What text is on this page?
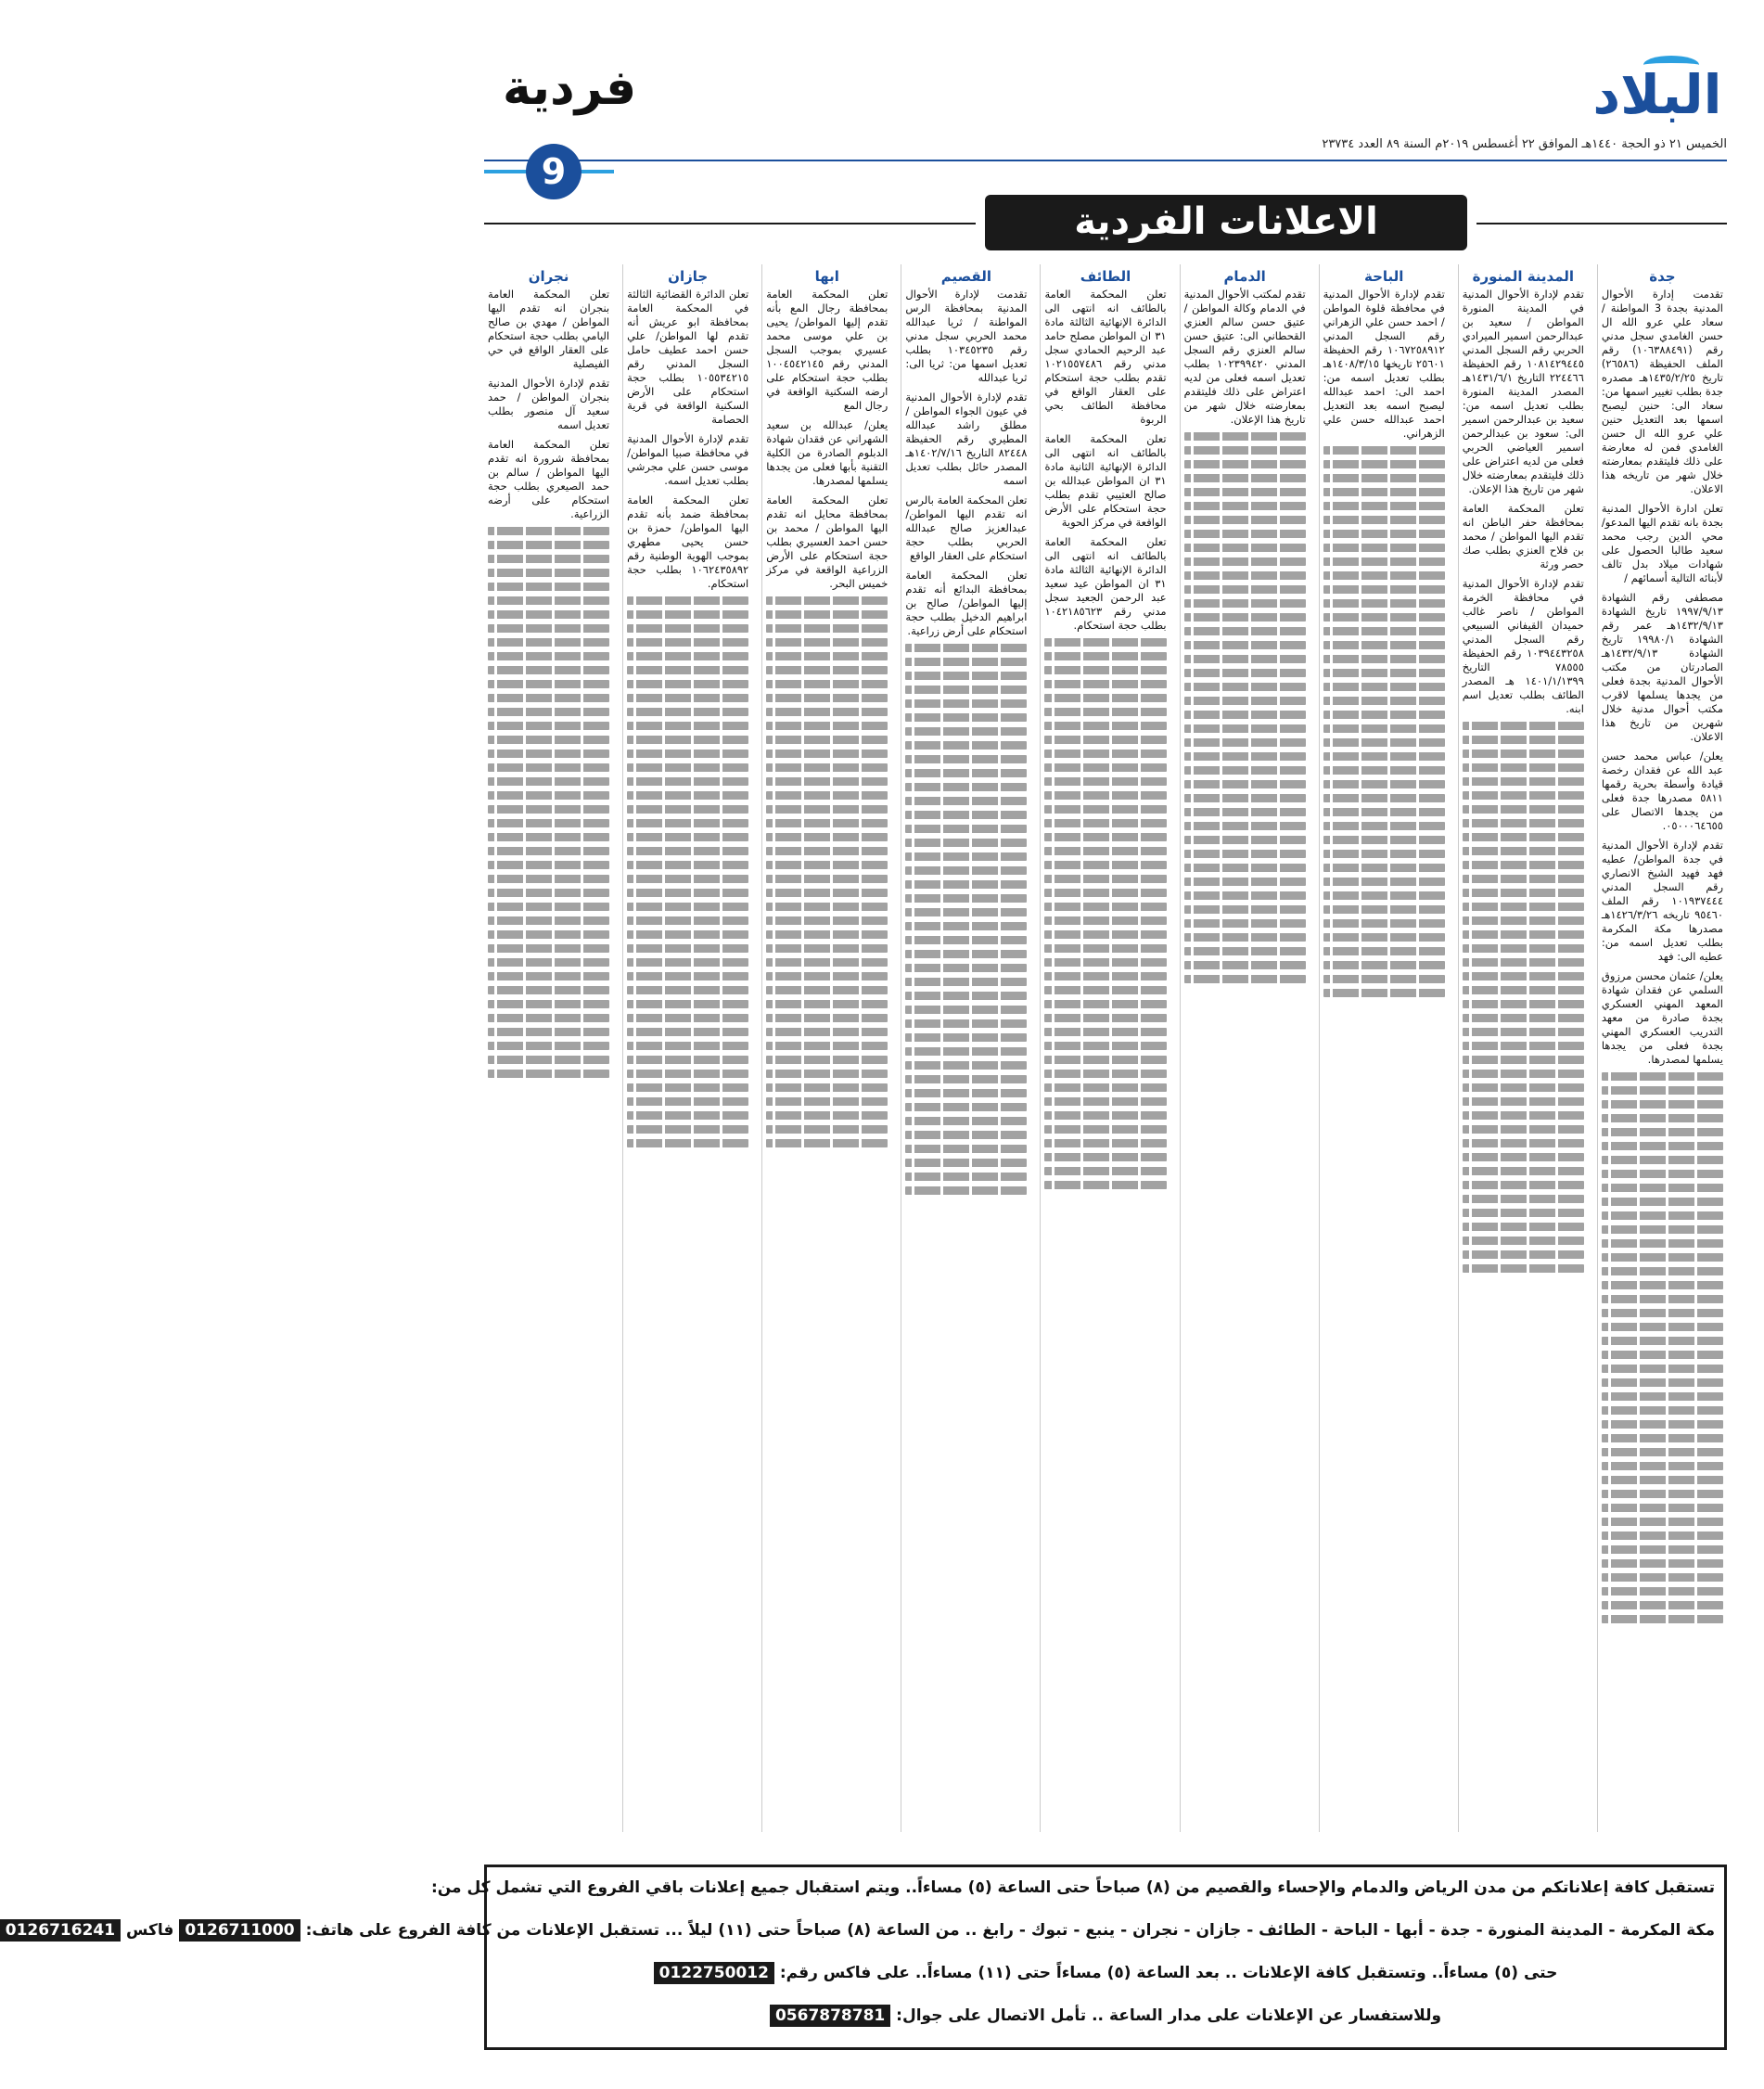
البلاد
الخميس ٢١ ذو الحجة ١٤٤٠هـ الموافق ٢٢ أغسطس ٢٠١٩م السنة ٨٩ العدد ٢٣٧٣٤
فردية
9
الاعلانات الفردية
جدة
تقدمت إدارة الأحوال المدنية بجدة 3 المواطنة / سعاد علي عرو الله ال حسن الغامدي سجل مدني رقم (١٠٦٣٨٨٤٩١) رقم الملف الحفيظة (٢٦٥٨٦) تاريخ ١٤٣٥/٢/٢٥هـ مصدره جدة بطلب تغيير اسمها من: سعاد الى: حنين ليصبح اسمها بعد التعديل حنين علي عرو الله ال حسن الغامدي فمن له معارضة على ذلك فليتقدم بمعارضته خلال شهر من تاريخه هذا الاعلان.
تعلن ادارة الأحوال المدنية بجدة بانه تقدم اليها المدعو/ محي الدين رجب محمد سعيد طالبا الحصول على شهادات ميلاد بدل تالف لأبنائه التالية أسمائهم /
مصطفى رقم الشهادة ١٩٩٧/٩/١٣ تاريخ الشهادة ١٤٣٢/٩/١٣هـ عمر رقم الشهادة ١٩٩٨٠/١ تاريخ الشهادة ١٤٣٢/٩/١٣هـ الصادرتان من مكتب الأحوال المدنية بجدة فعلى من يجدها يسلمها لاقرب مكتب أحوال مدنية خلال شهرين من تاريخ هذا الاعلان.
يعلن/ عباس محمد حسن عبد الله عن فقدان رخصة قيادة وأسطة بحرية رقمها ٥٨١١ مصدرها جدة فعلى من يجدها الاتصال على ٠٥٠٠٠٦٤٦٥٥.
تقدم لإدارة الأحوال المدنية في جدة المواطن/ عطيه فهد فهيد الشيخ الانصاري رقم السجل المدني ١٠١٩٣٧٤٤٤ رقم الملف ٩٥٤٦٠ تاريخه ١٤٢٦/٣/٢٦هـ مصدرها مكة المكرمة بطلب تعديل اسمه من: عطيه الى: فهد
يعلن/ عثمان محسن مرزوق السلمي عن فقدان شهادة المعهد المهني العسكري بجدة صادرة من معهد التدريب العسكري المهني بجدة فعلى من يجدها يسلمها لمصدرها.
المدينة المنورة
تقدم لإدارة الأحوال المدنية في المدينة المنورة المواطن / سعيد بن عبدالرحمن اسمير الميرادي الحربي رقم السجل المدني ١٠٨١٤٢٩٤٤٥ رقم الحفيظة ٢٢٤٤٦٦ التاريخ ١٤٣١/٦/١هـ المصدر المدينة المنورة بطلب تعديل اسمه من: سعيد بن عبدالرحمن اسمير الى: سعود بن عبدالرحمن اسمير العياضي الحربي فعلى من لديه اعتراض على ذلك فليتقدم بمعارضته خلال شهر من تاريخ هذا الإعلان.
تعلن المحكمة العامة بمحافظة حفر الباطن انه تقدم اليها المواطن / محمد بن فلاح العنزي بطلب صك حصر ورثة
تقدم لإدارة الأحوال المدنية في محافظة الخرمة المواطن / ناصر غالب حميدان القيفاني السبيعي رقم السجل المدني ١٠٣٩٤٤٣٢٥٨ رقم الحفيظة ٧٨٥٥٥ التاريخ ١٤٠١/١/١٣٩٩ هـ المصدر الطائف بطلب تعديل اسم ابنه.
الباحة
تقدم لإدارة الأحوال المدنية في محافظة قلوة المواطن / احمد حسن علي الزهراني رقم السجل المدني ١٠٦٧٢٥٨٩١٢ رقم الحفيظة ٢٥٦٠١ تاريخها ١٤٠٨/٣/١٥هـ بطلب تعديل اسمه من: احمد الى: احمد عبدالله ليصبح اسمه بعد التعديل احمد عبدالله حسن علي الزهراني.
الدمام
تقدم لمكتب الأحوال المدنية في الدمام وكالة المواطن / عتيق حسن سالم العنزي القحطاني الى: عتيق حسن سالم العنزي رقم السجل المدني ١٠٢٣٩٩٤٢٠ بطلب تعديل اسمه فعلى من لديه اعتراض على ذلك فليتقدم بمعارضته خلال شهر من تاريخ هذا الإعلان.
الطائف
تعلن المحكمة العامة بالطائف انه انتهى الى الدائرة الإنهائية الثالثة مادة ٣١ ان المواطن مصلح حامد عبد الرحيم الحمادي سجل مدني رقم ١٠٢١٥٥٧٤٨٦ تقدم بطلب حجة استحكام على العقار الواقع في محافظة الطائف بحي الربوة
تعلن المحكمة العامة بالطائف انه انتهى الى الدائرة الإنهائية الثانية مادة ٣١ ان المواطن عبدالله بن صالح العتيبي تقدم بطلب حجة استحكام على الأرض الواقعة في مركز الحوية
تعلن المحكمة العامة بالطائف انه انتهى الى الدائرة الإنهائية الثالثة مادة ٣١ ان المواطن عيد سعيد عبد الرحمن الجعيد سجل مدني رقم ١٠٤٢١٨٥٦٢٣ بطلب حجة استحكام.
القصيم
تقدمت لإدارة الأحوال المدنية بمحافظة الرس المواطنة / ثريا عبدالله محمد الحربي سجل مدني رقم ١٠٣٤٥٢٣٥ بطلب تعديل اسمها من: ثريا الى: ثريا عبدالله
تقدم لإدارة الأحوال المدنية في عيون الجواء المواطن / مطلق راشد عبدالله المطيري رقم الحفيظة ٨٢٤٤٨ التاريخ ١٤٠٢/٧/١٦هـ المصدر حائل بطلب تعديل اسمه
تعلن المحكمة العامة بالرس انه تقدم اليها المواطن/ عبدالعزيز صالح عبدالله الحربي بطلب حجة استحكام على العقار الواقع
تعلن المحكمة العامة بمحافظة البدائع أنه تقدم إليها المواطن/ صالح بن ابراهيم الدخيل بطلب حجة استحكام على أرض زراعية.
ابها
تعلن المحكمة العامة بمحافظة رجال المع بأنه تقدم إليها المواطن/ يحيى بن علي موسى محمد عسيري بموجب السجل المدني رقم ١٠٠٤٥٤٢١٤٥ بطلب حجة استحكام على ارضه السكنية الواقعة في رجال المع
يعلن/ عبدالله بن سعيد الشهراني عن فقدان شهادة الدبلوم الصادرة من الكلية التقنية بأبها فعلى من يجدها يسلمها لمصدرها.
تعلن المحكمة العامة بمحافظة محايل انه تقدم اليها المواطن / محمد بن حسن احمد العسيري بطلب حجة استحكام على الأرض الزراعية الواقعة في مركز خميس البحر.
جازان
تعلن الدائرة القضائية الثالثة في المحكمة العامة بمحافظة ابو عريش أنه تقدم لها المواطن/ علي حسن احمد عطيف حامل السجل المدني رقم ١٠٥٥٣٤٢١٥ بطلب حجة استحكام على الأرض السكنية الواقعة في قرية الحصامة
تقدم لإدارة الأحوال المدنية في محافظة صبيا المواطن/ موسى حسن علي مجرشي بطلب تعديل اسمه.
تعلن المحكمة العامة بمحافظة ضمد بأنه تقدم اليها المواطن/ حمزة بن حسن يحيى مطهري بموجب الهوية الوطنية رقم ١٠٦٢٤٣٥٨٩٢ بطلب حجة استحكام.
نجران
تعلن المحكمة العامة بنجران انه تقدم اليها المواطن / مهدي بن صالح اليامي بطلب حجة استحكام على العقار الواقع في حي الفيصلية
تقدم لإدارة الأحوال المدنية بنجران المواطن / حمد سعيد آل منصور بطلب تعديل اسمه
تعلن المحكمة العامة بمحافظة شرورة انه تقدم اليها المواطن / سالم بن حمد الصيعري بطلب حجة استحكام على أرضه الزراعية.
تستقبل كافة إعلاناتكم من مدن الرياض والدمام والإحساء والقصيم من (٨) صباحاً حتى الساعة (٥) مساءاً.. ويتم استقبال جميع إعلانات باقي الفروع التي تشمل كل من:
مكة المكرمة - المدينة المنورة - جدة - أبها - الباحة - الطائف - جازان - نجران - ينبع - تبوك - رابغ .. من الساعة (٨) صباحاً حتى (١١) ليلاً ... تستقبل الإعلانات من كافة الفروع على هاتف: 0126711000 فاكس 0126716241
حتى (٥) مساءاً.. وتستقبل كافة الإعلانات .. بعد الساعة (٥) مساءاً حتى (١١) مساءاً.. على فاكس رقم: 0122750012
وللاستفسار عن الإعلانات على مدار الساعة .. تأمل الاتصال على جوال: 0567878781
